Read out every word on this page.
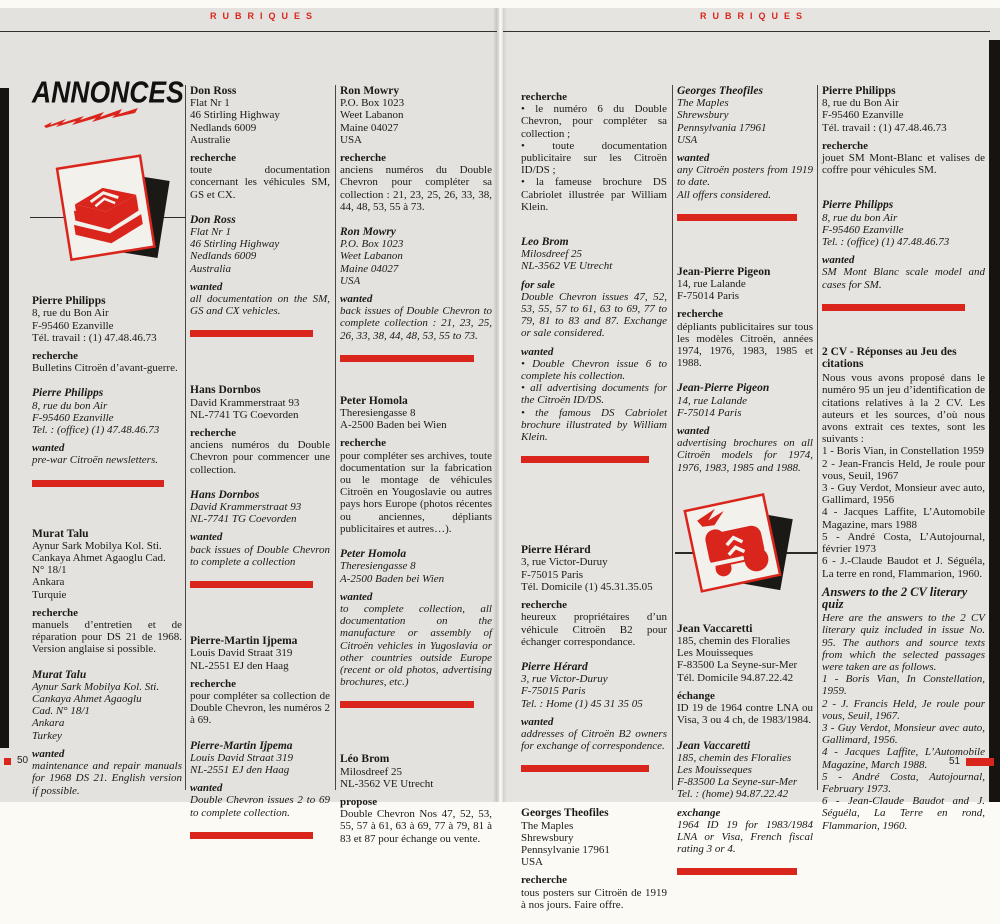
RUBRIQUES	RUBRIQUES
ANNONCES
Pierre Philipps
8, rue du Bon Air
F-95460 Ezanville
Tél. travail : (1) 47.48.46.73
recherche

Bulletins Citroën d’avant-guerre.

Pierre Philipps
8, rue du bon Air
F-95460 Ezanville
Tel. : (office) (1) 47.48.46.73
wanted

pre-war Citroën newsletters.

Murat Talu
Aynur Sark Mobilya Kol. Sti.
Cankaya Ahmet Agaoglu Cad.
N° 18/1
Ankara
Turquie
recherche

manuels d’entretien et de réparation pour DS 21 de 1968. Version anglaise si possible.

Murat Talu
Aynur Sark Mobilya Kol. Sti.
Cankaya Ahmet Agaoglu
Cad. N° 18/1
Ankara
Turkey
wanted

maintenance and repair manuals for 1968 DS 21. English version if possible.

Don Ross
Flat Nr 1
46 Stirling Highway
Nedlands 6009
Australie
recherche

toute documentation concernant les véhicules SM, GS et CX.

Don Ross
Flat Nr 1
46 Stirling Highway
Nedlands 6009
Australia
wanted

all documentation on the SM, GS and CX vehicles.

Hans Dornbos
David Krammerstraat 93
NL-7741 TG Coevorden
recherche

anciens numéros du Double Chevron pour commencer une collection.

Hans Dornbos
David Krammerstraat 93
NL-7741 TG Coevorden
wanted

back issues of Double Chevron to complete a collection

Pierre-Martin Ijpema
Louis David Straat 319
NL-2551 EJ den Haag
recherche

pour compléter sa collection de Double Chevron, les numéros 2 à 69.

Pierre-Martin Ijpema
Louis David Straat 319
NL-2551 EJ den Haag
wanted

Double Chevron issues 2 to 69 to complete collection.

Ron Mowry
P.O. Box 1023
Weet Labanon
Maine 04027
USA
recherche

anciens numéros du Double Chevron pour compléter sa collection : 21, 23, 25, 26, 33, 38, 44, 48, 53, 55 à 73.

Ron Mowry
P.O. Box 1023
Weet Labanon
Maine 04027
USA
wanted

back issues of Double Chevron to complete collection : 21, 23, 25, 26, 33, 38, 44, 48, 53, 55 to 73.

Peter Homola
Theresiengasse 8
A-2500 Baden bei Wien
recherche

pour compléter ses archives, toute documentation sur la fabrication ou le montage de véhicules Citroën en Yougoslavie ou autres pays hors Europe (photos récentes ou anciennes, dépliants publicitaires et autres…).

Peter Homola
Theresiengasse 8
A-2500 Baden bei Wien
wanted

to complete collection, all documentation on the manufacture or assembly of Citroën vehicles in Yugoslavia or other countries outside Europe (recent or old photos, advertising brochures, etc.)

Léo Brom
Milosdreef 25
NL-3562 VE Utrecht
propose

Double Chevron Nos 47, 52, 53, 55, 57 à 61, 63 à 69, 77 à 79, 81 à 83 et 87 pour échange ou vente.

recherche

• le numéro 6 du Double Chevron, pour compléter sa collection ;

• toute documentation publicitaire sur les Citroën ID/DS ;

• la fameuse brochure DS Cabriolet illustrée par William Klein.

Leo Brom
Milosdreef 25
NL-3562 VE Utrecht
for sale

Double Chevron issues 47, 52, 53, 55, 57 to 61, 63 to 69, 77 to 79, 81 to 83 and 87. Exchange or sale considered.

wanted

• Double Chevron issue 6 to complete his collection.

• all advertising documents for the Citroën ID/DS.

• the famous DS Cabriolet brochure illustrated by William Klein.

Pierre Hérard
3, rue Victor-Duruy
F-75015 Paris
Tél. Domicile (1) 45.31.35.05
recherche

heureux propriétaires d’un véhicule Citroën B2 pour échanger correspondance.

Pierre Hérard
3, rue Victor-Duruy
F-75015 Paris
Tel. : Home (1) 45 31 35 05
wanted

addresses of Citroën B2 owners for exchange of correspondence.

Georges Theofiles
The Maples
Shrewsbury
Pennsylvanie 17961
USA
recherche

tous posters sur Citroën de 1919 à nos jours. Faire offre.

Georges Theofiles
The Maples
Shrewsbury
Pennsylvania 17961
USA
wanted

any Citroën posters from 1919 to date.

All offers considered.

Jean-Pierre Pigeon
14, rue Lalande
F-75014 Paris
recherche

dépliants publicitaires sur tous les modèles Citroën, années 1974, 1976, 1983, 1985 et 1988.

Jean-Pierre Pigeon
14, rue Lalande
F-75014 Paris
wanted

advertising brochures on all Citroën models for 1974, 1976, 1983, 1985 and 1988.

Jean Vaccaretti
185, chemin des Floralies
Les Mouisseques
F-83500 La Seyne-sur-Mer
Tél. Domicile 94.87.22.42
échange

ID 19 de 1964 contre LNA ou Visa, 3 ou 4 ch, de 1983/1984.

Jean Vaccaretti
185, chemin des Floralies
Les Mouisseques
F-83500 La Seyne-sur-Mer
Tel. : (home) 94.87.22.42
exchange

1964 ID 19 for 1983/1984 LNA or Visa, French fiscal rating 3 or 4.

Pierre Philipps
8, rue du Bon Air
F-95460 Ezanville
Tél. travail : (1) 47.48.46.73
recherche

jouet SM Mont-Blanc et valises de coffre pour véhicules SM.

Pierre Philipps
8, rue du bon Air
F-95460 Ezanville
Tel. : (office) (1) 47.48.46.73
wanted

SM Mont Blanc scale model and cases for SM.

2 CV - Réponses au Jeu des citations

Nous vous avons proposé dans le numéro 95 un jeu d’identification de citations relatives à la 2 CV. Les auteurs et les sources, d’où nous avons extrait ces textes, sont les suivants :

1 - Boris Vian, in Constellation 1959

2 - Jean-Francis Held, Je roule pour vous, Seuil, 1967

3 - Guy Verdot, Monsieur avec auto, Gallimard, 1956

4 - Jacques Laffite, L’Automobile Magazine, mars 1988

5 - André Costa, L’Autojournal, février 1973

6 - J.-Claude Baudot et J. Séguéla, La terre en rond, Flammarion, 1960.

Answers to the 2 CV literary quiz

Here are the answers to the 2 CV literary quiz included in issue No. 95. The authors and source texts from which the selected passages were taken are as follows.

1 - Boris Vian, In Constellation, 1959.

2 - J. Francis Held, Je roule pour vous, Seuil, 1967.

3 - Guy Verdot, Monsieur avec auto, Gallimard, 1956.

4 - Jacques Laffite, L’Automobile Magazine, March 1988.

5 - André Costa, Autojournal, February 1973.

6 - Jean-Claude Baudot and J. Séguéla, La Terre en rond, Flammarion, 1960.

50	51
